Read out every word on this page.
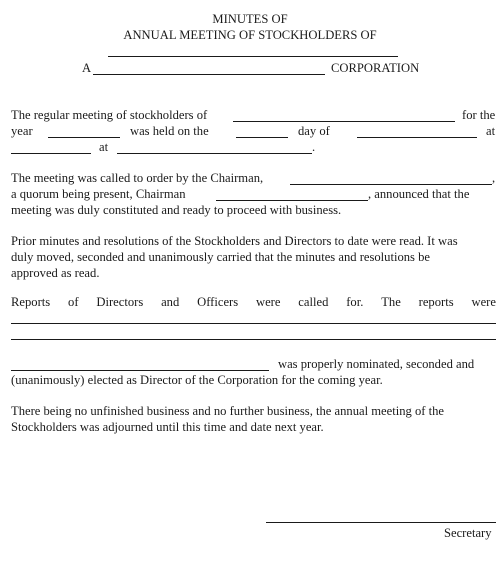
MINUTES OF
ANNUAL MEETING OF STOCKHOLDERS OF
A	CORPORATION
The regular meeting of stockholders of	for the
year	was held on the	day of	at
at	.
The meeting was called to order by the Chairman,	,
a quorum being present, Chairman	, announced that the
meeting was duly constituted and ready to proceed with business.
Prior minutes and resolutions of the Stockholders and Directors to date were read. It was
duly moved, seconded and unanimously carried that the minutes and resolutions be
approved as read.
Reports of Directors and Officers were called for. The reports were
was properly nominated, seconded and
(unanimously) elected as Director of the Corporation for the coming year.
There being no unfinished business and no further business, the annual meeting of the
Stockholders was adjourned until this time and date next year.
Secretary
